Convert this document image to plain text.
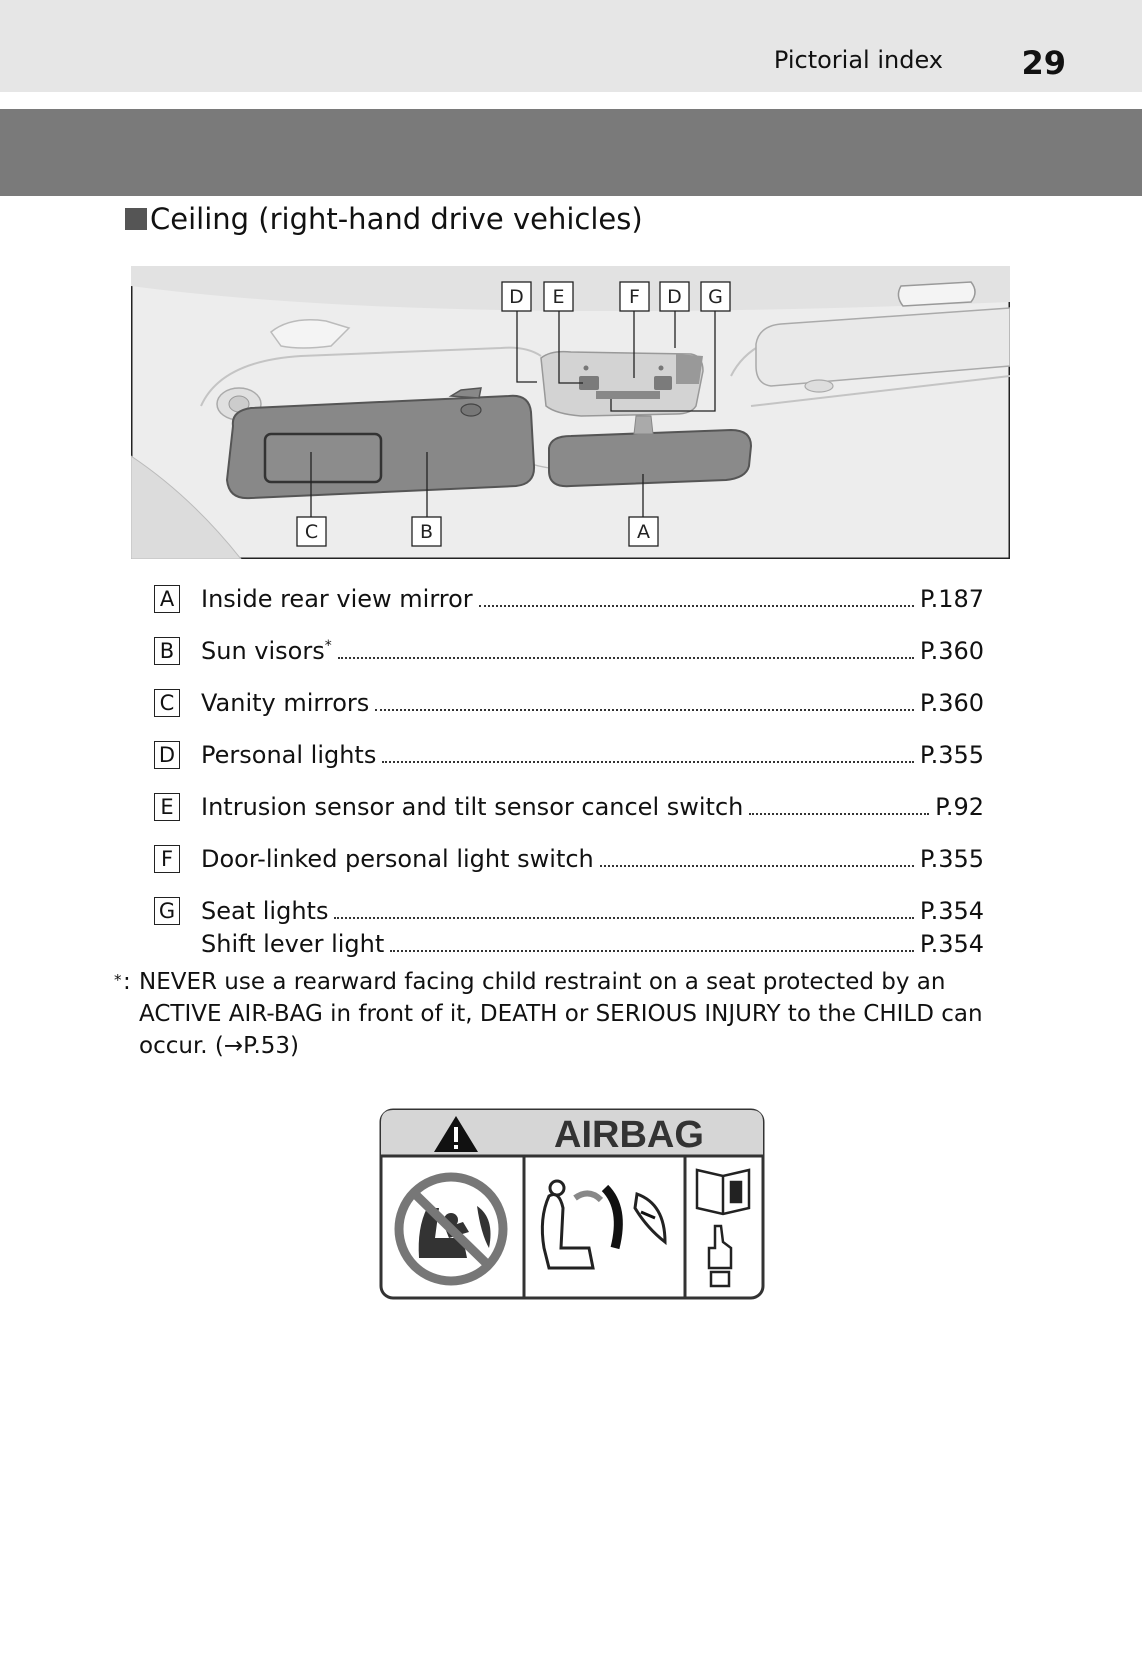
Pictorial index 29
Ceiling (right-hand drive vehicles)
D E	F D G
C	B	A
A Inside rear view mirror	P.187
B Sun visors*	P.360
C Vanity mirrors	P.360
D Personal lights	P.355
E Intrusion sensor and tilt sensor cancel switch	P.92
F Door-linked personal light switch	P.355
G Seat lights	P.354
Shift lever light	P.354
* : NEVER use a rearward facing child restraint on a seat protected by an ACTIVE AIR-BAG in front of it, DEATH or SERIOUS INJURY to the CHILD can occur. (→P.53)
AIRBAG
